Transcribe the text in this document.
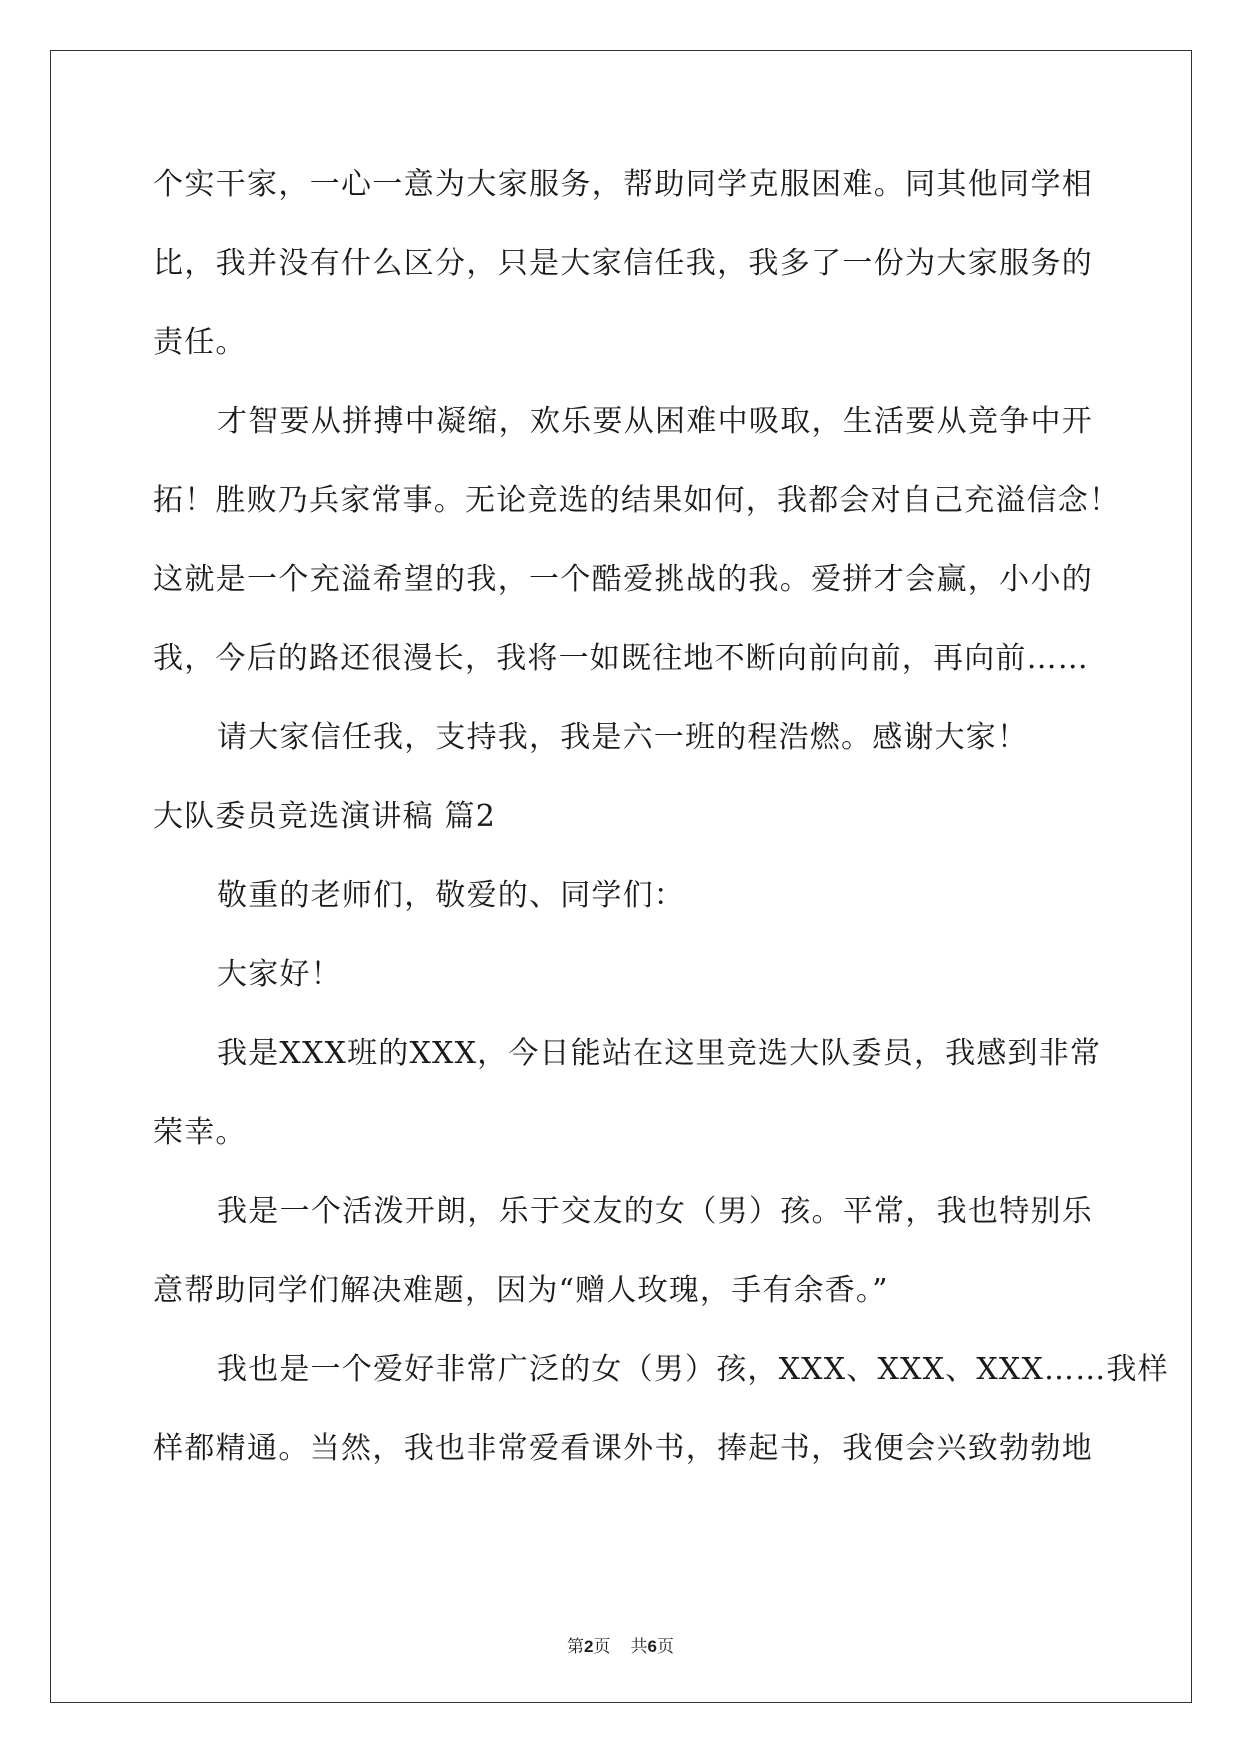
个实干家，一心一意为大家服务，帮助同学克服困难。同其他同学相
比，我并没有什么区分，只是大家信任我，我多了一份为大家服务的
责任。
才智要从拼搏中凝缩，欢乐要从困难中吸取，生活要从竞争中开
拓！胜败乃兵家常事。无论竞选的结果如何，我都会对自己充溢信念！
这就是一个充溢希望的我，一个酷爱挑战的我。爱拼才会赢，小小的
我，今后的路还很漫长，我将一如既往地不断向前向前，再向前……
请大家信任我，支持我，我是六一班的程浩燃。感谢大家！
大队委员竞选演讲稿 篇2
敬重的老师们，敬爱的、同学们：
大家好！
我是XXX班的XXX，今日能站在这里竞选大队委员，我感到非常
荣幸。
我是一个活泼开朗，乐于交友的女（男）孩。平常，我也特别乐
意帮助同学们解决难题，因为“赠人玫瑰，手有余香。”
我也是一个爱好非常广泛的女（男）孩，XXX、XXX、XXX……我样
样都精通。当然，我也非常爱看课外书，捧起书，我便会兴致勃勃地
第2页 共6页
